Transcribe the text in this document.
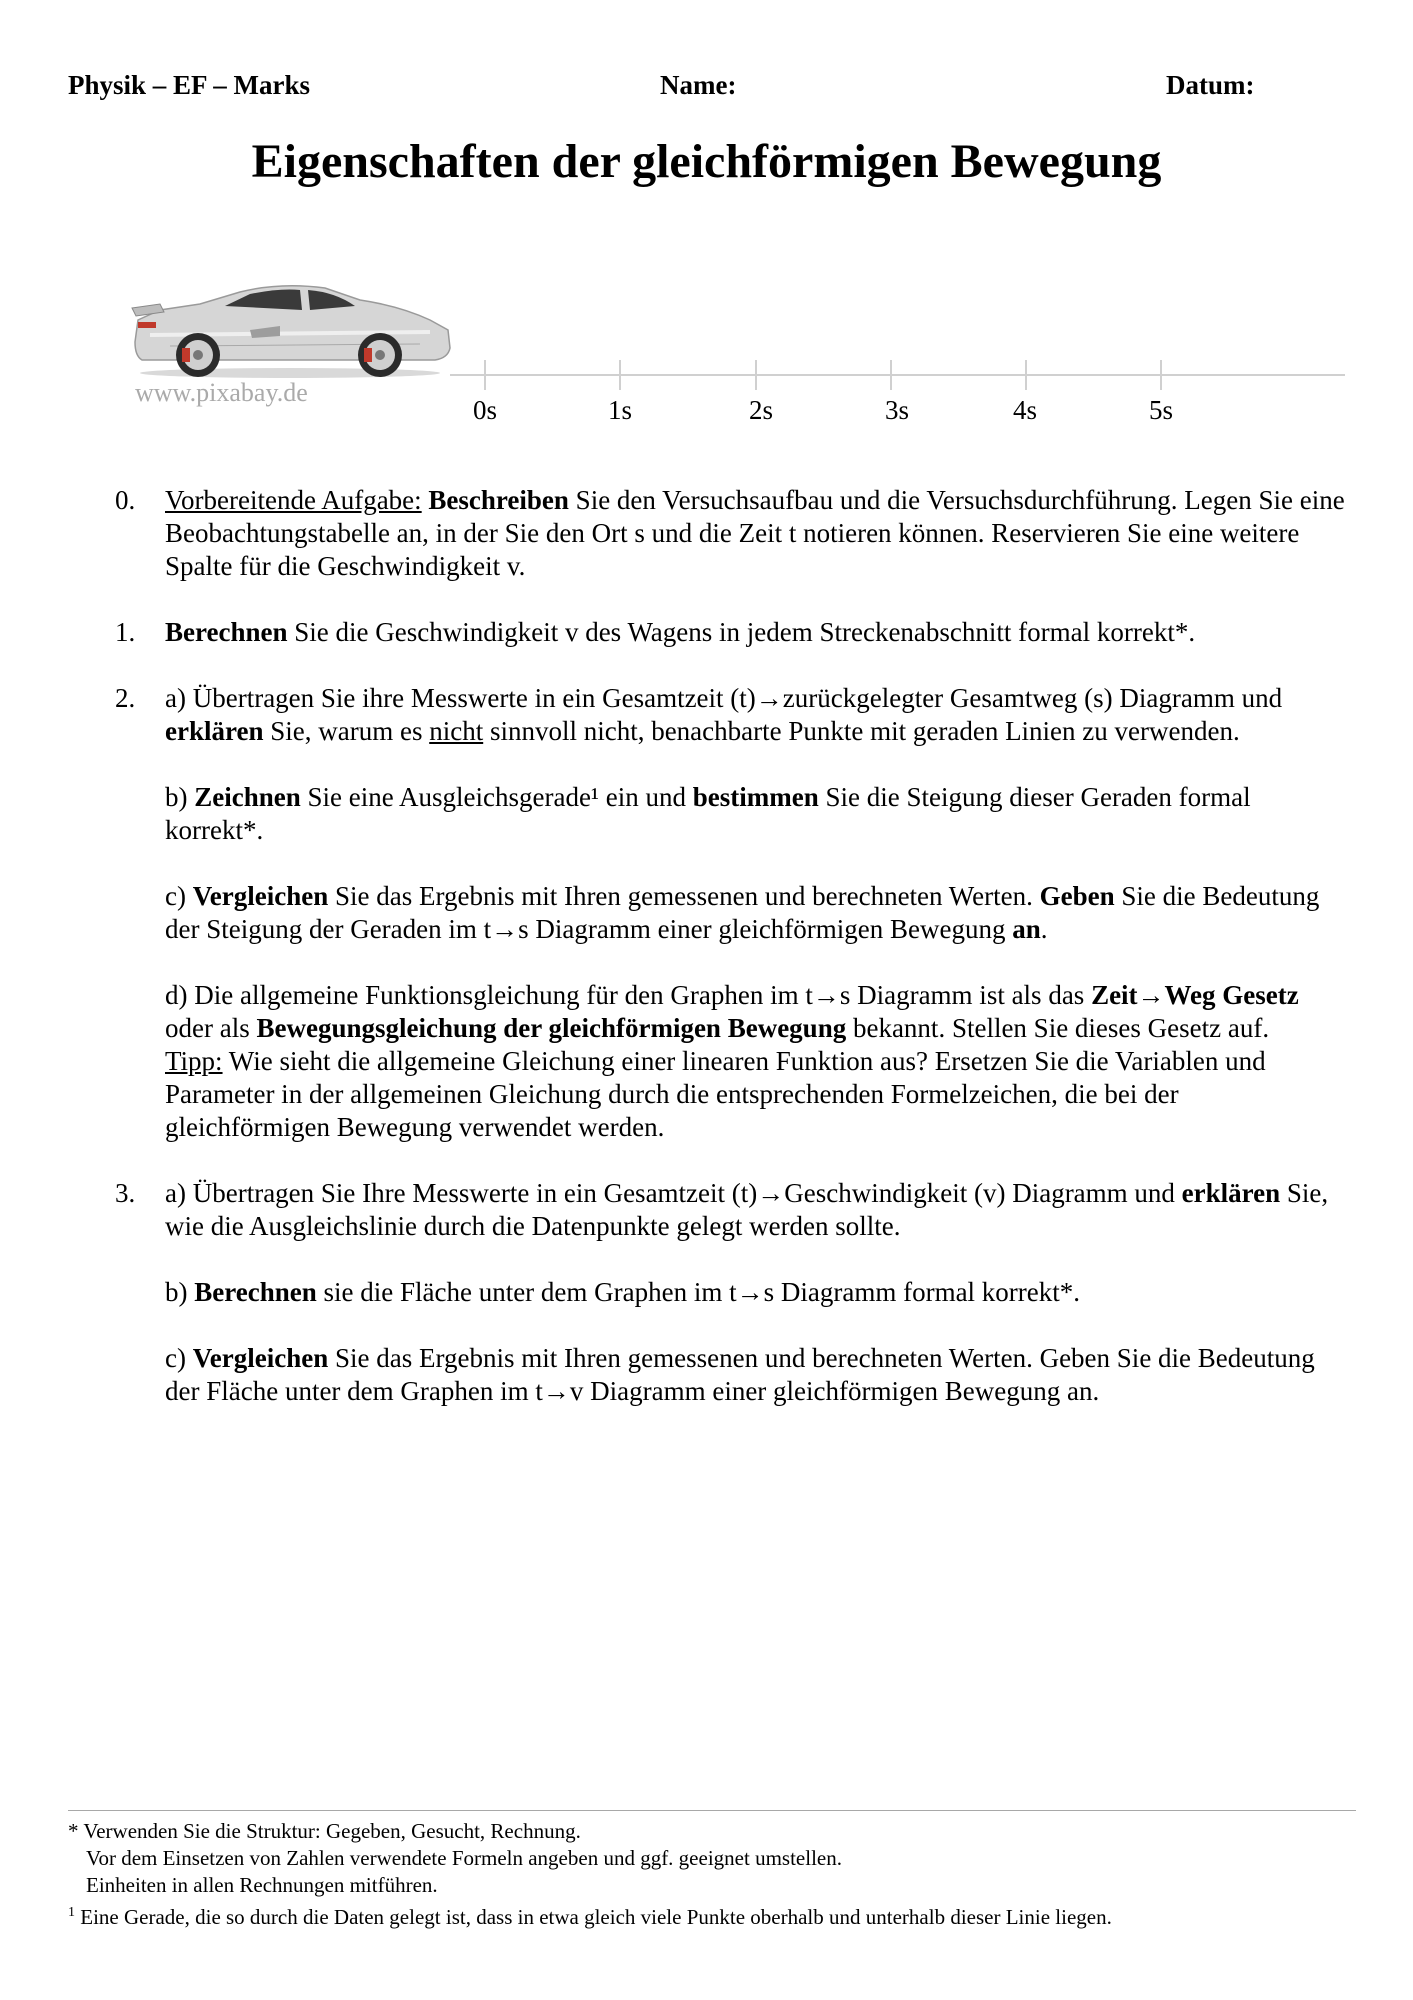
Physik – EF – Marks	Name:	Datum:
Eigenschaften der gleichförmigen Bewegung
www.pixabay.de
0s	1s	2s	3s	4s	5s
0.	Vorbereitende Aufgabe: Beschreiben Sie den Versuchsaufbau und die Versuchsdurchführung. Legen Sie eine Beobachtungstabelle an, in der Sie den Ort s und die Zeit t notieren können. Reservieren Sie eine weitere Spalte für die Geschwindigkeit v.

1.	Berechnen Sie die Geschwindigkeit v des Wagens in jedem Streckenabschnitt formal korrekt*.

2.	a) Übertragen Sie ihre Messwerte in ein Gesamtzeit (t)→zurückgelegter Gesamtweg (s) Diagramm und erklären Sie, warum es nicht sinnvoll nicht, benachbarte Punkte mit geraden Linien zu verwenden.

b) Zeichnen Sie eine Ausgleichsgerade¹ ein und bestimmen Sie die Steigung dieser Geraden formal korrekt*.

c) Vergleichen Sie das Ergebnis mit Ihren gemessenen und berechneten Werten. Geben Sie die Bedeutung der Steigung der Geraden im t→s Diagramm einer gleichförmigen Bewegung an.

d) Die allgemeine Funktionsgleichung für den Graphen im t→s Diagramm ist als das Zeit→Weg Gesetz oder als Bewegungsgleichung der gleichförmigen Bewegung bekannt. Stellen Sie dieses Gesetz auf.

Tipp: Wie sieht die allgemeine Gleichung einer linearen Funktion aus? Ersetzen Sie die Variablen und Parameter in der allgemeinen Gleichung durch die entsprechenden Formelzeichen, die bei der gleichförmigen Bewegung verwendet werden.

3.	a) Übertragen Sie Ihre Messwerte in ein Gesamtzeit (t)→Geschwindigkeit (v) Diagramm und erklären Sie, wie die Ausgleichslinie durch die Datenpunkte gelegt werden sollte.

b) Berechnen sie die Fläche unter dem Graphen im t→s Diagramm formal korrekt*.

c) Vergleichen Sie das Ergebnis mit Ihren gemessenen und berechneten Werten. Geben Sie die Bedeutung der Fläche unter dem Graphen im t→v Diagramm einer gleichförmigen Bewegung an.

* Verwenden Sie die Struktur: Gegeben, Gesucht, Rechnung.
Vor dem Einsetzen von Zahlen verwendete Formeln angeben und ggf. geeignet umstellen.
Einheiten in allen Rechnungen mitführen.
$^1$ Eine Gerade, die so durch die Daten gelegt ist, dass in etwa gleich viele Punkte oberhalb und unterhalb dieser Linie liegen.
